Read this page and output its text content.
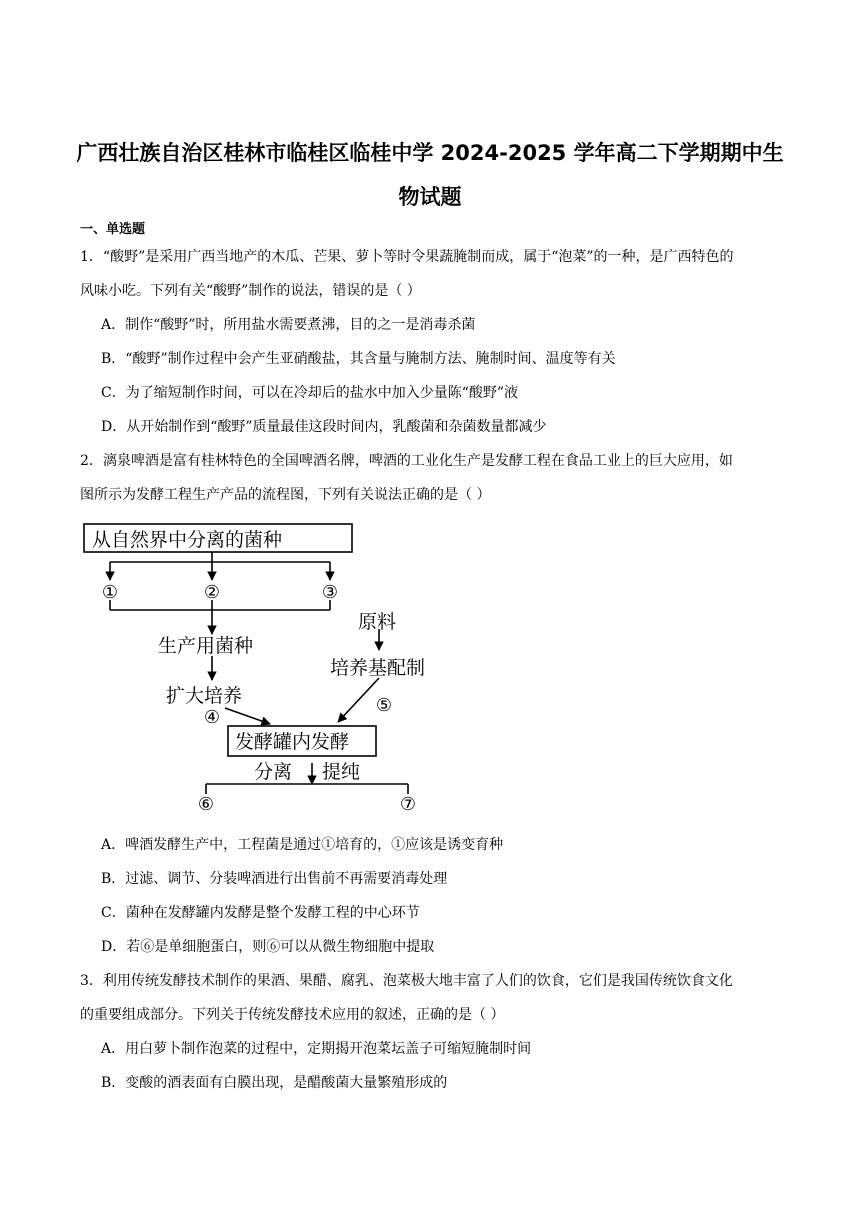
广西壮族自治区桂林市临桂区临桂中学 2024-2025 学年高二下学期期中生
物试题
一、单选题
1．“酸野”是采用广西当地产的木瓜、芒果、萝卜等时令果蔬腌制而成，属于“泡菜”的一种，是广西特色的
风味小吃。下列有关“酸野”制作的说法，错误的是（ ）
A．制作“酸野”时，所用盐水需要煮沸，目的之一是消毒杀菌
B．“酸野”制作过程中会产生亚硝酸盐，其含量与腌制方法、腌制时间、温度等有关
C．为了缩短制作时间，可以在冷却后的盐水中加入少量陈“酸野”液
D．从开始制作到“酸野”质量最佳这段时间内，乳酸菌和杂菌数量都减少
2．漓泉啤酒是富有桂林特色的全国啤酒名牌，啤酒的工业化生产是发酵工程在食品工业上的巨大应用，如
图所示为发酵工程生产产品的流程图，下列有关说法正确的是（ ）
从自然界中分离的菌种
生产用菌种
原料
培养基配制
扩大培养
发酵罐内发酵
分离 提纯
①	②	③
④
⑤
⑥	⑦
A．啤酒发酵生产中，工程菌是通过①培育的，①应该是诱变育种
B．过滤、调节、分装啤酒进行出售前不再需要消毒处理
C．菌种在发酵罐内发酵是整个发酵工程的中心环节
D．若⑥是单细胞蛋白，则⑥可以从微生物细胞中提取
3．利用传统发酵技术制作的果酒、果醋、腐乳、泡菜极大地丰富了人们的饮食，它们是我国传统饮食文化
的重要组成部分。下列关于传统发酵技术应用的叙述，正确的是（ ）
A．用白萝卜制作泡菜的过程中，定期揭开泡菜坛盖子可缩短腌制时间
B．变酸的酒表面有白膜出现，是醋酸菌大量繁殖形成的
